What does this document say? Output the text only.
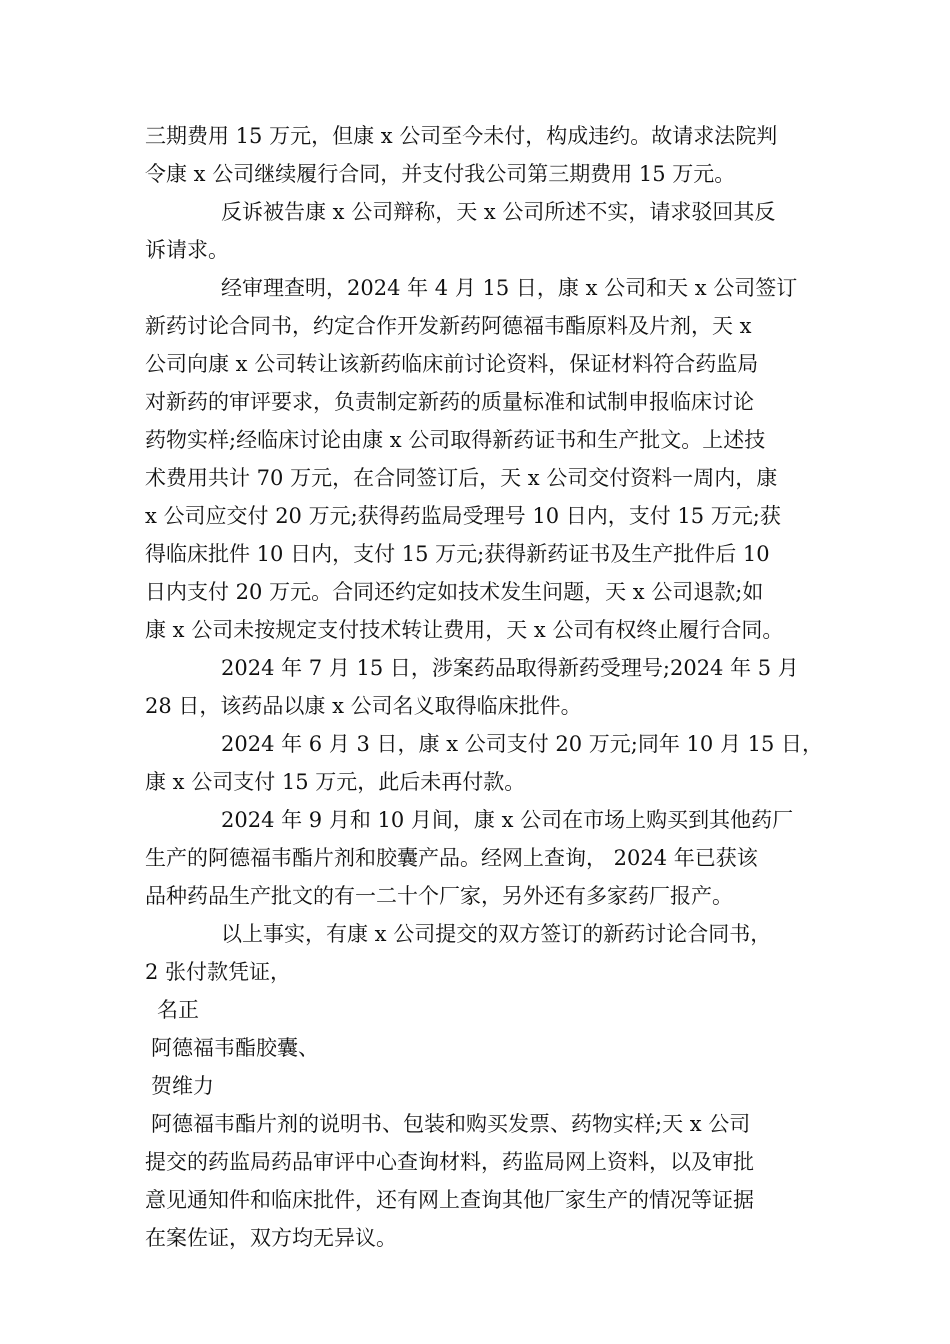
三期费用 15 万元，但康 x 公司至今未付，构成违约。故请求法院判
令康 x 公司继续履行合同，并支付我公司第三期费用 15 万元。
反诉被告康 x 公司辩称，天 x 公司所述不实，请求驳回其反
诉请求。
经审理查明，2024 年 4 月 15 日，康 x 公司和天 x 公司签订
新药讨论合同书，约定合作开发新药阿德福韦酯原料及片剂，天 x
公司向康 x 公司转让该新药临床前讨论资料，保证材料符合药监局
对新药的审评要求，负责制定新药的质量标准和试制申报临床讨论
药物实样;经临床讨论由康 x 公司取得新药证书和生产批文。上述技
术费用共计 70 万元，在合同签订后，天 x 公司交付资料一周内，康
x 公司应交付 20 万元;获得药监局受理号 10 日内，支付 15 万元;获
得临床批件 10 日内，支付 15 万元;获得新药证书及生产批件后 10
日内支付 20 万元。合同还约定如技术发生问题，天 x 公司退款;如
康 x 公司未按规定支付技术转让费用，天 x 公司有权终止履行合同。
2024 年 7 月 15 日，涉案药品取得新药受理号;2024 年 5 月
28 日，该药品以康 x 公司名义取得临床批件。
2024 年 6 月 3 日，康 x 公司支付 20 万元;同年 10 月 15 日，
康 x 公司支付 15 万元，此后未再付款。
2024 年 9 月和 10 月间，康 x 公司在市场上购买到其他药厂
生产的阿德福韦酯片剂和胶囊产品。经网上查询， 2024 年已获该
品种药品生产批文的有一二十个厂家，另外还有多家药厂报产。
以上事实，有康 x 公司提交的双方签订的新药讨论合同书，
2 张付款凭证，
名正
阿德福韦酯胶囊、
贺维力
阿德福韦酯片剂的说明书、包装和购买发票、药物实样;天 x 公司
提交的药监局药品审评中心查询材料，药监局网上资料，以及审批
意见通知件和临床批件，还有网上查询其他厂家生产的情况等证据
在案佐证，双方均无异议。
